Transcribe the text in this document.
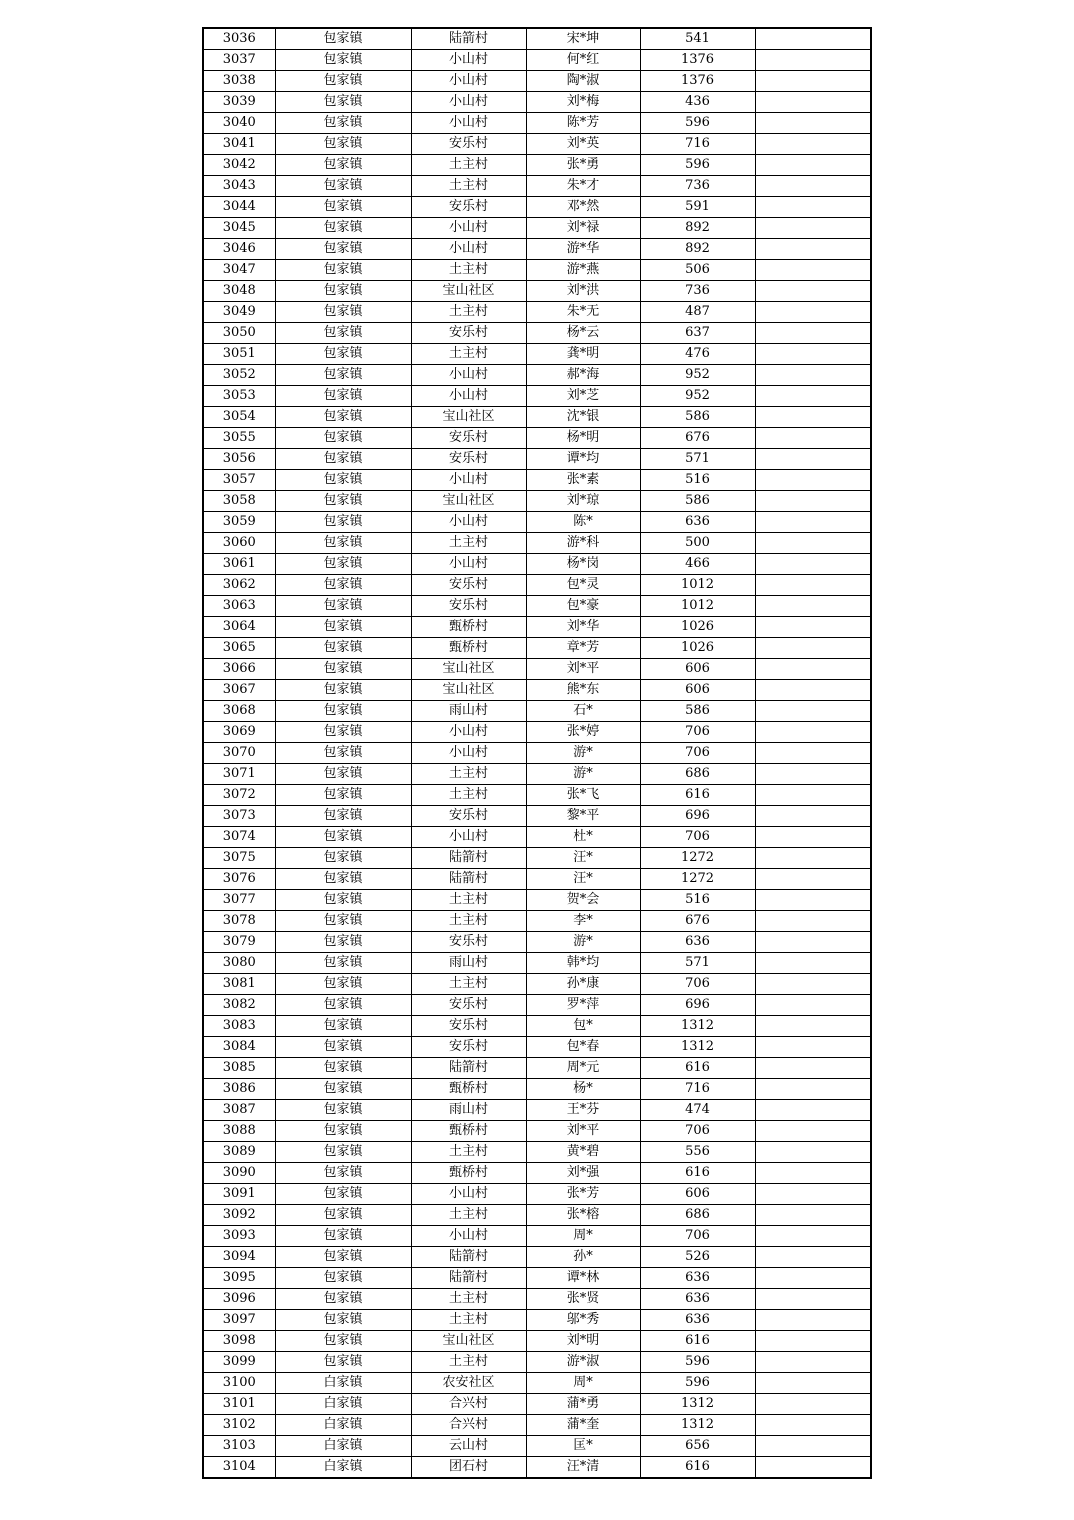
3036	包家镇	陆箭村	宋*坤	541	
3037	包家镇	小山村	何*红	1376	
3038	包家镇	小山村	陶*淑	1376	
3039	包家镇	小山村	刘*梅	436	
3040	包家镇	小山村	陈*芳	596	
3041	包家镇	安乐村	刘*英	716	
3042	包家镇	土主村	张*勇	596	
3043	包家镇	土主村	朱*才	736	
3044	包家镇	安乐村	邓*然	591	
3045	包家镇	小山村	刘*禄	892	
3046	包家镇	小山村	游*华	892	
3047	包家镇	土主村	游*燕	506	
3048	包家镇	宝山社区	刘*洪	736	
3049	包家镇	土主村	朱*无	487	
3050	包家镇	安乐村	杨*云	637	
3051	包家镇	土主村	龚*明	476	
3052	包家镇	小山村	郝*海	952	
3053	包家镇	小山村	刘*芝	952	
3054	包家镇	宝山社区	沈*银	586	
3055	包家镇	安乐村	杨*明	676	
3056	包家镇	安乐村	谭*均	571	
3057	包家镇	小山村	张*素	516	
3058	包家镇	宝山社区	刘*琼	586	
3059	包家镇	小山村	陈*	636	
3060	包家镇	土主村	游*科	500	
3061	包家镇	小山村	杨*岗	466	
3062	包家镇	安乐村	包*灵	1012	
3063	包家镇	安乐村	包*豪	1012	
3064	包家镇	甄桥村	刘*华	1026	
3065	包家镇	甄桥村	章*芳	1026	
3066	包家镇	宝山社区	刘*平	606	
3067	包家镇	宝山社区	熊*东	606	
3068	包家镇	雨山村	石*	586	
3069	包家镇	小山村	张*婷	706	
3070	包家镇	小山村	游*	706	
3071	包家镇	土主村	游*	686	
3072	包家镇	土主村	张*飞	616	
3073	包家镇	安乐村	黎*平	696	
3074	包家镇	小山村	杜*	706	
3075	包家镇	陆箭村	汪*	1272	
3076	包家镇	陆箭村	汪*	1272	
3077	包家镇	土主村	贺*会	516	
3078	包家镇	土主村	李*	676	
3079	包家镇	安乐村	游*	636	
3080	包家镇	雨山村	韩*均	571	
3081	包家镇	土主村	孙*康	706	
3082	包家镇	安乐村	罗*萍	696	
3083	包家镇	安乐村	包*	1312	
3084	包家镇	安乐村	包*春	1312	
3085	包家镇	陆箭村	周*元	616	
3086	包家镇	甄桥村	杨*	716	
3087	包家镇	雨山村	王*芬	474	
3088	包家镇	甄桥村	刘*平	706	
3089	包家镇	土主村	黄*碧	556	
3090	包家镇	甄桥村	刘*强	616	
3091	包家镇	小山村	张*芳	606	
3092	包家镇	土主村	张*榕	686	
3093	包家镇	小山村	周*	706	
3094	包家镇	陆箭村	孙*	526	
3095	包家镇	陆箭村	谭*林	636	
3096	包家镇	土主村	张*贤	636	
3097	包家镇	土主村	邬*秀	636	
3098	包家镇	宝山社区	刘*明	616	
3099	包家镇	土主村	游*淑	596	
3100	白家镇	农安社区	周*	596	
3101	白家镇	合兴村	蒲*勇	1312	
3102	白家镇	合兴村	蒲*奎	1312	
3103	白家镇	云山村	匡*	656	
3104	白家镇	团石村	汪*清	616	
